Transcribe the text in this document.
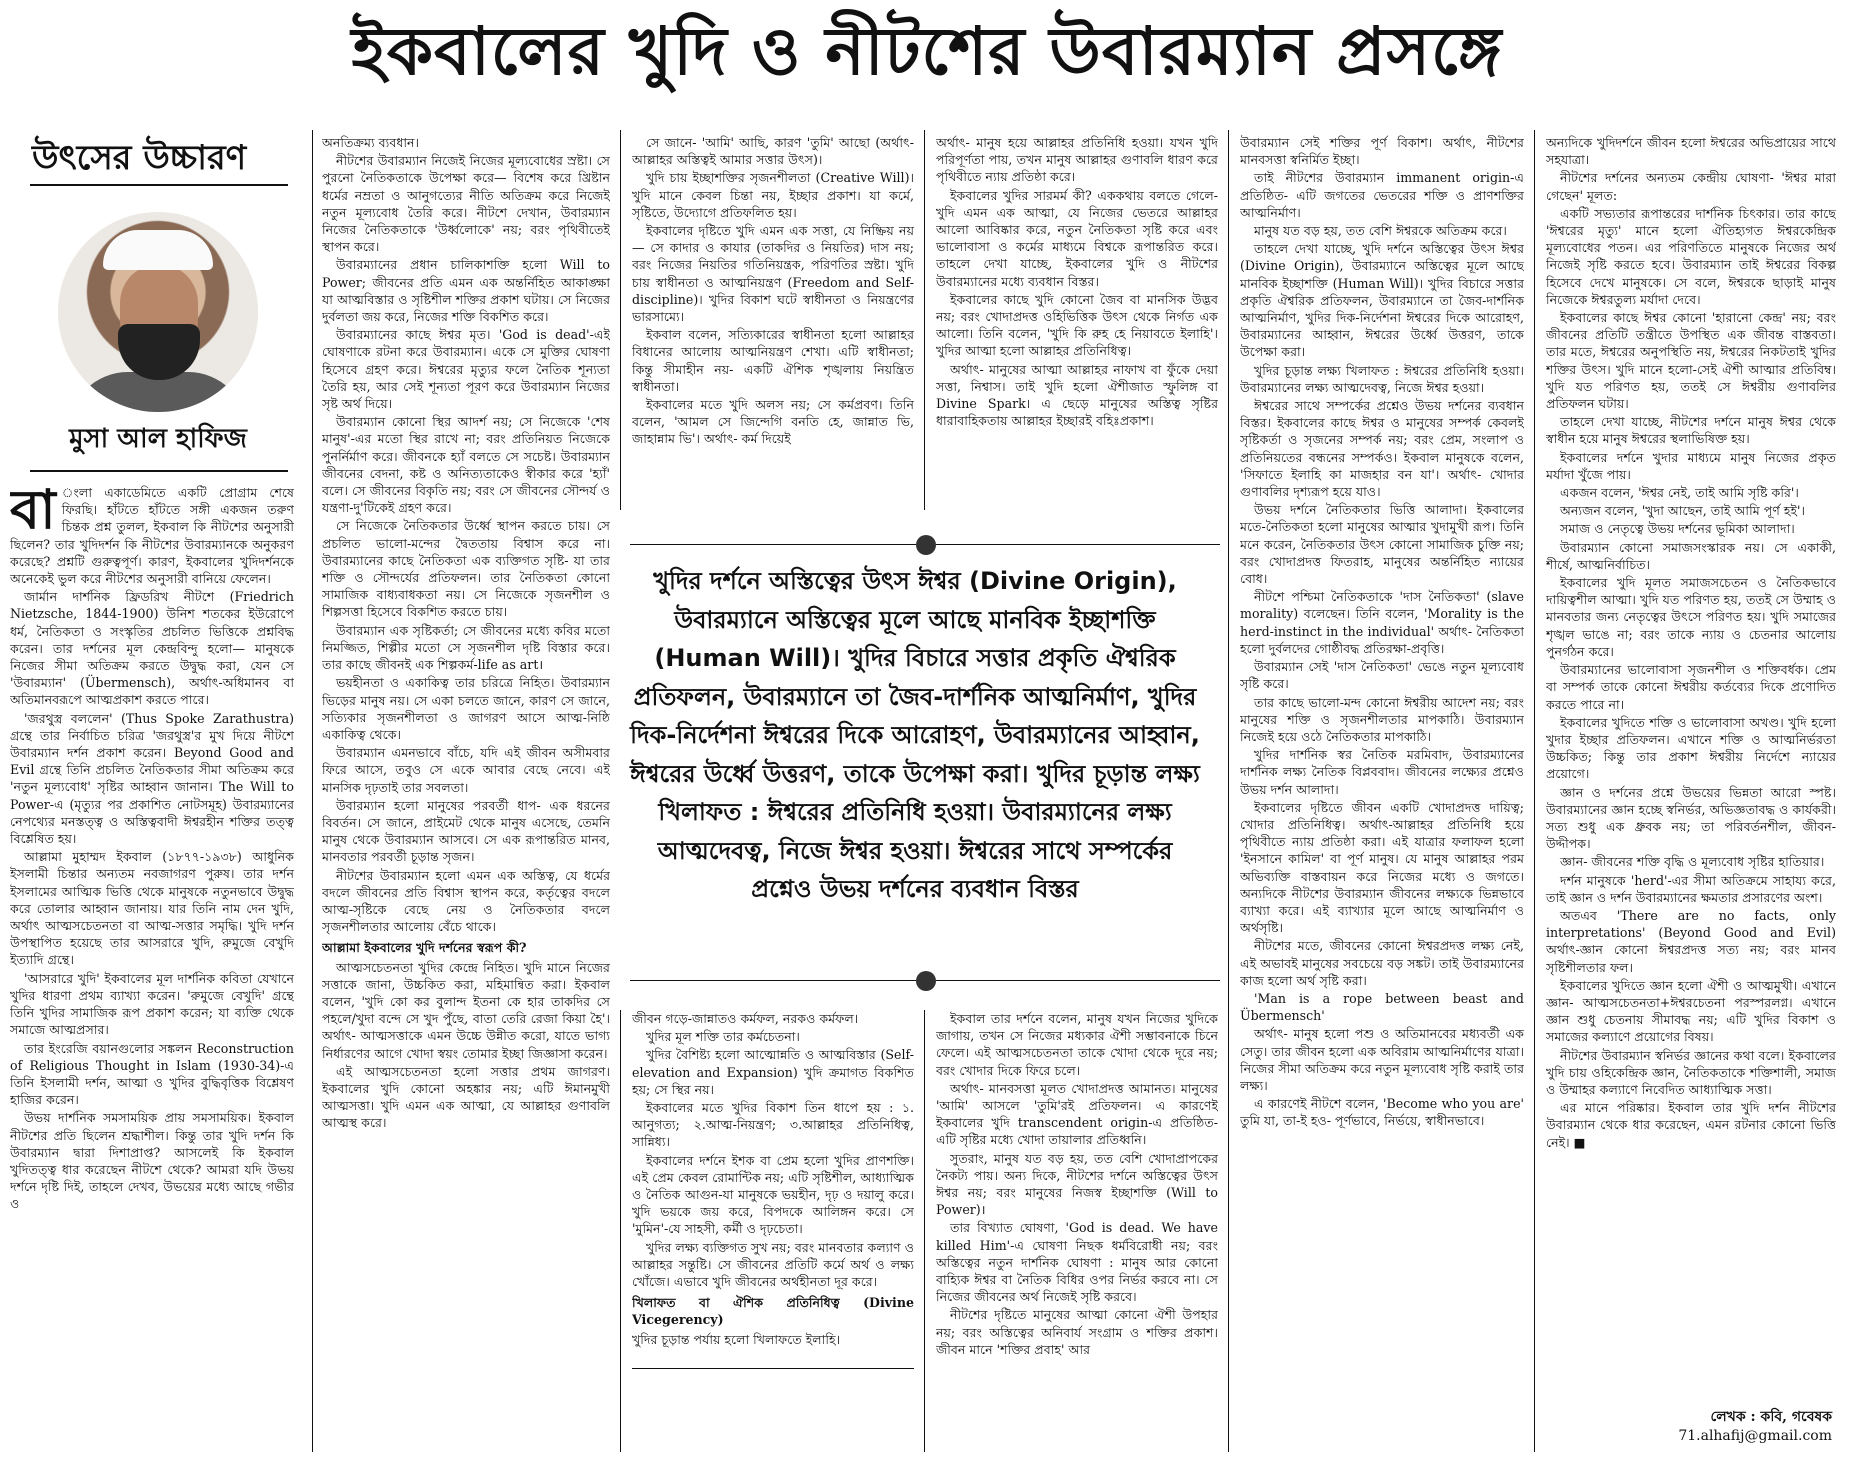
ইকবালের খুদি ও নীটশের উবারম্যান প্রসঙ্গে
উৎসের উচ্চারণ
মুসা আল হাফিজ

বা ংলা একাডেমিতে একটি প্রোগ্রাম শেষে ফিরছি। হাঁটতে হাঁটতে সঙ্গী একজন তরুণ চিন্তক প্রশ্ন তুলল, ইকবাল কি নীটশের অনুসারী ছিলেন? তার খুদিদর্শন কি নীটশের উবারম্যানকে অনুকরণ করেছে? প্রশ্নটি গুরুত্বপূর্ণ। কারণ, ইকবালের খুদিদর্শনকে অনেকেই ভুল করে নীটশের অনুসারী বানিয়ে ফেলেন।

জার্মান দার্শনিক ফ্রিডরিখ নীটশে (Friedrich Nietzsche, 1844-1900) উনিশ শতকের ইউরোপে ধর্ম, নৈতিকতা ও সংস্কৃতির প্রচলিত ভিত্তিকে প্রশ্নবিদ্ধ করেন। তার দর্শনের মূল কেন্দ্রবিন্দু হলো— মানুষকে নিজের সীমা অতিক্রম করতে উদ্বুদ্ধ করা, যেন সে 'উবারম্যান' (Übermensch), অর্থাৎ-অধিমানব বা অতিমানবরূপে আত্মপ্রকাশ করতে পারে।

'জরথুস্ত্র বললেন' (Thus Spoke Zarathustra) গ্রন্থে তার নির্বাচিত চরিত্র 'জরথুস্ত্র'র মুখ দিয়ে নীটশে উবারম্যান দর্শন প্রকাশ করেন। Beyond Good and Evil গ্রন্থে তিনি প্রচলিত নৈতিকতার সীমা অতিক্রম করে 'নতুন মূল্যবোধ' সৃষ্টির আহ্বান জানান। The Will to Power-এ (মৃত্যুর পর প্রকাশিত নোটসমূহ) উবারম্যানের নেপথ্যের মনস্তত্ত্ব ও অস্তিত্ববাদী ঈশ্বরহীন শক্তির তত্ত্ব বিশ্লেষিত হয়।

আল্লামা মুহাম্মদ ইকবাল (১৮৭৭-১৯৩৮) আধুনিক ইসলামী চিন্তার অন্যতম নবজাগরণ পুরুষ। তার দর্শন ইসলামের আত্মিক ভিত্তি থেকে মানুষকে নতুনভাবে উদ্বুদ্ধ করে তোলার আহ্বান জানায়। যার তিনি নাম দেন খুদি, অর্থাৎ আত্মসচেতনতা বা আত্ম-সত্তার সমৃদ্ধি। খুদি দর্শন উপস্থাপিত হয়েছে তার আসরারে খুদি, রুমুজে বেখুদি ইত্যাদি গ্রন্থে।

'আসরারে খুদি' ইকবালের মূল দার্শনিক কবিতা যেখানে খুদির ধারণা প্রথম ব্যাখ্যা করেন। 'রুমুজে বেখুদি' গ্রন্থে তিনি খুদির সামাজিক রূপ প্রকাশ করেন; যা ব্যক্তি থেকে সমাজে আত্মপ্রসার।

তার ইংরেজি বয়ানগুলোর সঙ্কলন Reconstruction of Religious Thought in Islam (1930-34)-এ তিনি ইসলামী দর্শন, আত্মা ও খুদির বুদ্ধিবৃত্তিক বিশ্লেষণ হাজির করেন।

উভয় দার্শনিক সমসাময়িক প্রায় সমসাময়িক। ইকবাল নীটশের প্রতি ছিলেন শ্রদ্ধাশীল। কিন্তু তার খুদি দর্শন কি উবারম্যান দ্বারা দিশাপ্রাপ্ত? আসলেই কি ইকবাল খুদিতত্ত্ব ধার করেছেন নীটশে থেকে? আমরা যদি উভয় দর্শনে দৃষ্টি দিই, তাহলে দেখব, উভয়ের মধ্যে আছে গভীর ও

অনতিক্রম্য ব্যবধান।

নীটশের উবারম্যান নিজেই নিজের মূল্যবোধের স্রষ্টা। সে পুরনো নৈতিকতাকে উপেক্ষা করে— বিশেষ করে খ্রিষ্টান ধর্মের নম্রতা ও আনুগত্যের নীতি অতিক্রম করে নিজেই নতুন মূল্যবোধ তৈরি করে। নীটশে দেখান, উবারম্যান নিজের নৈতিকতাকে 'উর্ধ্বলোকে' নয়; বরং পৃথিবীতেই স্থাপন করে।

উবারম্যানের প্রধান চালিকাশক্তি হলো Will to Power; জীবনের প্রতি এমন এক অন্তর্নিহিত আকাঙ্ক্ষা যা আত্মবিস্তার ও সৃষ্টিশীল শক্তির প্রকাশ ঘটায়। সে নিজের দুর্বলতা জয় করে, নিজের শক্তি বিকশিত করে।

উবারম্যানের কাছে ঈশ্বর মৃত। 'God is dead'-এই ঘোষণাকে রটনা করে উবারম্যান। একে সে মুক্তির ঘোষণা হিসেবে গ্রহণ করে। ঈশ্বরের মৃত্যুর ফলে নৈতিক শূন্যতা তৈরি হয়, আর সেই শূন্যতা পূরণ করে উবারম্যান নিজের সৃষ্ট অর্থ দিয়ে।

উবারম্যান কোনো স্থির আদর্শ নয়; সে নিজেকে 'শেষ মানুষ'-এর মতো স্থির রাখে না; বরং প্রতিনিয়ত নিজেকে পুনর্নির্মাণ করে। জীবনকে হ্যাঁ বলতে সে সচেষ্ট। উবারম্যান জীবনের বেদনা, কষ্ট ও অনিত্যতাকেও স্বীকার করে 'হ্যাঁ' বলে। সে জীবনের বিকৃতি নয়; বরং সে জীবনের সৌন্দর্য ও যন্ত্রণা-দু'টিকেই গ্রহণ করে।

সে নিজেকে নৈতিকতার উর্ধ্বে স্থাপন করতে চায়। সে প্রচলিত ভালো-মন্দের দ্বৈততায় বিশ্বাস করে না। উবারম্যানের কাছে নৈতিকতা এক ব্যক্তিগত সৃষ্টি- যা তার শক্তি ও সৌন্দর্যের প্রতিফলন। তার নৈতিকতা কোনো সামাজিক বাধ্যবাধকতা নয়। সে নিজেকে সৃজনশীল ও শিল্পসত্তা হিসেবে বিকশিত করতে চায়।

উবারম্যান এক সৃষ্টিকর্তা; সে জীবনের মধ্যে কবির মতো নিমজ্জিত, শিল্পীর মতো সে সৃজনশীল দৃষ্টি বিস্তার করে। তার কাছে জীবনই এক শিল্পকর্ম-life as art।

ভয়হীনতা ও একাকিত্ব তার চরিত্রে নিহিত। উবারম্যান ভিড়ের মানুষ নয়। সে একা চলতে জানে, কারণ সে জানে, সত্যিকার সৃজনশীলতা ও জাগরণ আসে আত্ম-নিষ্ঠি একাকিত্ব থেকে।

উবারম্যান এমনভাবে বাঁচে, যদি এই জীবন অসীমবার ফিরে আসে, তবুও সে একে আবার বেছে নেবে। এই মানসিক দৃঢ়তাই তার সবলতা।

উবারম্যান হলো মানুষের পরবর্তী ধাপ- এক ধরনের বিবর্তন। সে জানে, প্রাইমেট থেকে মানুষ এসেছে, তেমনি মানুষ থেকে উবারম্যান আসবে। সে এক রূপান্তরিত মানব, মানবতার পরবর্তী চূড়ান্ত সৃজন।

নীটশের উবারম্যান হলো এমন এক অস্তিত্ব, যে ধর্মের বদলে জীবনের প্রতি বিশ্বাস স্থাপন করে, কর্তৃত্বের বদলে আত্ম-সৃষ্টিকে বেছে নেয় ও নৈতিকতার বদলে সৃজনশীলতার আলোয় বেঁচে থাকে।

আল্লামা ইকবালের খুদি দর্শনের স্বরূপ কী?

আত্মসচেতনতা খুদির কেন্দ্রে নিহিত। খুদি মানে নিজের সত্তাকে জানা, উচ্চকিত করা, মহিমান্বিত করা। ইকবাল বলেন, 'খুদি কো কর বুলান্দ ইতনা কে হার তাকদির সে পহলে/খুদা বন্দে সে খুদ পুঁছে, বাতা তেরি রেজা কিয়া হৈ'। অর্থাৎ- আত্মসত্তাকে এমন উচ্চে উন্নীত করো, যাতে ভাগ্য নির্ধারণের আগে খোদা স্বয়ং তোমার ইচ্ছা জিজ্ঞাসা করেন।

এই আত্মসচেতনতা হলো সত্তার প্রথম জাগরণ। ইকবালের খুদি কোনো অহঙ্কার নয়; এটি ঈমানমুখী আত্মসত্তা। খুদি এমন এক আত্মা, যে আল্লাহর গুণাবলি আত্মস্থ করে।

সে জানে- 'আমি' আছি, কারণ 'তুমি' আছো (অর্থাৎ-আল্লাহর অস্তিত্বই আমার সত্তার উৎস)।

খুদি চায় ইচ্ছাশক্তির সৃজনশীলতা (Creative Will)। খুদি মানে কেবল চিন্তা নয়, ইচ্ছার প্রকাশ। যা কর্মে, সৃষ্টিতে, উদ্যোগে প্রতিফলিত হয়।

ইকবালের দৃষ্টিতে খুদি এমন এক সত্তা, যে নিষ্ক্রিয় নয়— সে কাদার ও কাযার (তাকদির ও নিয়তির) দাস নয়; বরং নিজের নিয়তির গতিনিয়ন্ত্রক, পরিণতির স্রষ্টা। খুদি চায় স্বাধীনতা ও আত্মনিয়ন্ত্রণ (Freedom and Self-discipline)। খুদির বিকাশ ঘটে স্বাধীনতা ও নিয়ন্ত্রণের ভারসাম্যে।

ইকবাল বলেন, সত্যিকারের স্বাধীনতা হলো আল্লাহর বিধানের আলোয় আত্মনিয়ন্ত্রণ শেখা। এটি স্বাধীনতা; কিন্তু সীমাহীন নয়- একটি ঐশিক শৃঙ্খলায় নিয়ন্ত্রিত স্বাধীনতা।

ইকবালের মতে খুদি অলস নয়; সে কর্মপ্রবণ। তিনি বলেন, 'আমল সে জিন্দেগি বনতি হে, জান্নাত ভি, জাহান্নাম ভি'। অর্থাৎ- কর্ম দিয়েই

অর্থাৎ- মানুষ হয়ে আল্লাহর প্রতিনিধি হওয়া। যখন খুদি পরিপূর্ণতা পায়, তখন মানুষ আল্লাহর গুণাবলি ধারণ করে পৃথিবীতে ন্যায় প্রতিষ্ঠা করে।

ইকবালের খুদির সারমর্ম কী? এককথায় বলতে গেলে- খুদি এমন এক আত্মা, যে নিজের ভেতরে আল্লাহর আলো আবিষ্কার করে, নতুন নৈতিকতা সৃষ্টি করে এবং ভালোবাসা ও কর্মের মাধ্যমে বিশ্বকে রূপান্তরিত করে। তাহলে দেখা যাচ্ছে, ইকবালের খুদি ও নীটশের উবারম্যানের মধ্যে ব্যবধান বিস্তর।

ইকবালের কাছে খুদি কোনো জৈব বা মানসিক উদ্ভব নয়; বরং খোদাপ্রদত্ত ওহিভিত্তিক উৎস থেকে নির্গত এক আলো। তিনি বলেন, 'খুদি কি রুহ হে নিয়াবতে ইলাহি'। খুদির আত্মা হলো আল্লাহর প্রতিনিধিত্ব।

অর্থাৎ- মানুষের আত্মা আল্লাহর নাফাখ বা ফুঁকে দেয়া সত্তা, নিশ্বাস। তাই খুদি হলো ঐশীজাত স্ফুলিঙ্গ বা Divine Spark। এ ছেড়ে মানুষের অস্তিত্ব সৃষ্টির ধারাবাহিকতায় আল্লাহর ইচ্ছারই বহিঃপ্রকাশ।

খুদির দর্শনে অস্তিত্বের উৎস ঈশ্বর (Divine Origin), উবারম্যানে অস্তিত্বের মূলে আছে মানবিক ইচ্ছাশক্তি (Human Will)। খুদির বিচারে সত্তার প্রকৃতি ঐশ্বরিক প্রতিফলন, উবারম্যানে তা জৈব-দার্শনিক আত্মনির্মাণ, খুদির দিক-নির্দেশনা ঈশ্বরের দিকে আরোহণ, উবারম্যানের আহ্বান, ঈশ্বরের উর্ধ্বে উত্তরণ, তাকে উপেক্ষা করা। খুদির চূড়ান্ত লক্ষ্য খিলাফত : ঈশ্বরের প্রতিনিধি হওয়া। উবারম্যানের লক্ষ্য আত্মদেবত্ব, নিজে ঈশ্বর হওয়া। ঈশ্বরের সাথে সম্পর্কের প্রশ্নেও উভয় দর্শনের ব্যবধান বিস্তর

জীবন গড়ে-জান্নাতও কর্মফল, নরকও কর্মফল।

খুদির মূল শক্তি তার কর্মচেতনা।

খুদির বৈশিষ্ট্য হলো আত্মোন্নতি ও আত্মবিস্তার (Self-elevation and Expansion) খুদি ক্রমাগত বিকশিত হয়; সে স্থির নয়।

ইকবালের মতে খুদির বিকাশ তিন ধাপে হয় : ১. আনুগত্য; ২.আত্ম-নিয়ন্ত্রণ; ৩.আল্লাহর প্রতিনিধিত্ব, সান্নিধ্য।

ইকবালের দর্শনে ইশক বা প্রেম হলো খুদির প্রাণশক্তি। এই প্রেম কেবল রোমান্টিক নয়; এটি সৃষ্টিশীল, আধ্যাত্মিক ও নৈতিক আগুন-যা মানুষকে ভয়হীন, দৃঢ় ও দয়ালু করে। খুদি ভয়কে জয় করে, বিপদকে আলিঙ্গন করে। সে 'মুমিন'-যে সাহসী, কর্মী ও দৃঢ়চেতা।

খুদির লক্ষ্য ব্যক্তিগত সুখ নয়; বরং মানবতার কল্যাণ ও আল্লাহর সন্তুষ্টি। সে জীবনের প্রতিটি কর্মে অর্থ ও লক্ষ্য খোঁজে। এভাবে খুদি জীবনের অর্থহীনতা দূর করে।

খিলাফত বা ঐশিক প্রতিনিধিত্ব (Divine Vicegerency)

খুদির চূড়ান্ত পর্যায় হলো খিলাফতে ইলাহি।

ইকবাল তার দর্শনে বলেন, মানুষ যখন নিজের খুদিকে জাগায়, তখন সে নিজের মধ্যকার ঐশী সম্ভাবনাকে চিনে ফেলে। এই আত্মসচেতনতা তাকে খোদা থেকে দূরে নয়; বরং খোদার দিকে ফিরে চলে।

অর্থাৎ- মানবসত্তা মূলত খোদাপ্রদত্ত আমানত। মানুষের 'আমি' আসলে 'তুমি'রই প্রতিফলন। এ কারণেই ইকবালের খুদি transcendent origin-এ প্রতিষ্ঠিত- এটি সৃষ্টির মধ্যে খোদা তায়ালার প্রতিধ্বনি।

সুতরাং, মানুষ যত বড় হয়, তত বেশি খোদাপ্রাপকের নৈকট্য পায়। অন্য দিকে, নীটশের দর্শনে অস্তিত্বের উৎস ঈশ্বর নয়; বরং মানুষের নিজস্ব ইচ্ছাশক্তি (Will to Power)।

তার বিখ্যাত ঘোষণা, 'God is dead. We have killed Him'-এ ঘোষণা নিছক ধর্মবিরোধী নয়; বরং অস্তিত্বের নতুন দার্শনিক ঘোষণা : মানুষ আর কোনো বাহ্যিক ঈশ্বর বা নৈতিক বিধির ওপর নির্ভর করবে না। সে নিজের জীবনের অর্থ নিজেই সৃষ্টি করবে।

নীটশের দৃষ্টিতে মানুষের আত্মা কোনো ঐশী উপহার নয়; বরং অস্তিত্বের অনিবার্য সংগ্রাম ও শক্তির প্রকাশ। জীবন মানে 'শক্তির প্রবাহ' আর

উবারম্যান সেই শক্তির পূর্ণ বিকাশ। অর্থাৎ, নীটশের মানবসত্তা স্বনির্মিত ইচ্ছা।

তাই নীটশের উবারম্যান immanent origin-এ প্রতিষ্ঠিত- এটি জগতের ভেতরের শক্তি ও প্রাণশক্তির আত্মনির্মাণ।

মানুষ যত বড় হয়, তত বেশি ঈশ্বরকে অতিক্রম করে।

তাহলে দেখা যাচ্ছে, খুদি দর্শনে অস্তিত্বের উৎস ঈশ্বর (Divine Origin), উবারম্যানে অস্তিত্বের মূলে আছে মানবিক ইচ্ছাশক্তি (Human Will)। খুদির বিচারে সত্তার প্রকৃতি ঐশ্বরিক প্রতিফলন, উবারম্যানে তা জৈব-দার্শনিক আত্মনির্মাণ, খুদির দিক-নির্দেশনা ঈশ্বরের দিকে আরোহণ, উবারম্যানের আহ্বান, ঈশ্বরের উর্ধ্বে উত্তরণ, তাকে উপেক্ষা করা।

খুদির চূড়ান্ত লক্ষ্য খিলাফত : ঈশ্বরের প্রতিনিধি হওয়া। উবারম্যানের লক্ষ্য আত্মদেবত্ব, নিজে ঈশ্বর হওয়া।

ঈশ্বরের সাথে সম্পর্কের প্রশ্নেও উভয় দর্শনের ব্যবধান বিস্তর। ইকবালের কাছে ঈশ্বর ও মানুষের সম্পর্ক কেবলই সৃষ্টিকর্তা ও সৃজনের সম্পর্ক নয়; বরং প্রেম, সংলাপ ও প্রতিনিয়তের বন্ধনের সম্পর্কও। ইকবাল মানুষকে বলেন, 'সিফাতে ইলাহি কা মাজহার বন যা'। অর্থাৎ- খোদার গুণাবলির দৃশ্যরূপ হয়ে যাও।

উভয় দর্শনে নৈতিকতার ভিত্তি আলাদা। ইকবালের মতে-নৈতিকতা হলো মানুষের আত্মার খুদামুখী রূপ। তিনি মনে করেন, নৈতিকতার উৎস কোনো সামাজিক চুক্তি নয়; বরং খোদাপ্রদত্ত ফিতরাহ, মানুষের অন্তর্নিহিত ন্যায়ের বোধ।

নীটশে পশ্চিমা নৈতিকতাকে 'দাস নৈতিকতা' (slave morality) বলেছেন। তিনি বলেন, 'Morality is the herd-instinct in the individual' অর্থাৎ- নৈতিকতা হলো দুর্বলদের গোষ্ঠীবদ্ধ প্রতিরক্ষা-প্রবৃত্তি।

উবারম্যান সেই 'দাস নৈতিকতা' ভেঙে নতুন মূল্যবোধ সৃষ্টি করে।

তার কাছে ভালো-মন্দ কোনো ঈশ্বরীয় আদেশ নয়; বরং মানুষের শক্তি ও সৃজনশীলতার মাপকাঠি। উবারম্যান নিজেই হয়ে ওঠে নৈতিকতার মাপকাঠি।

খুদির দার্শনিক স্বর নৈতিক মরমিবাদ, উবারম্যানের দার্শনিক লক্ষ্য নৈতিক বিপ্লববাদ। জীবনের লক্ষ্যের প্রশ্নেও উভয় দর্শন আলাদা।

ইকবালের দৃষ্টিতে জীবন একটি খোদাপ্রদত্ত দায়িত্ব; খোদার প্রতিনিধিত্ব। অর্থাৎ-আল্লাহর প্রতিনিধি হয়ে পৃথিবীতে ন্যায় প্রতিষ্ঠা করা। এই যাত্রার ফলাফল হলো 'ইনসানে কামিল' বা পূর্ণ মানুষ। যে মানুষ আল্লাহর পরম অভিব্যক্তি বাস্তবায়ন করে নিজের মধ্যে ও জগতে। অন্যদিকে নীটশের উবারম্যান জীবনের লক্ষ্যকে ভিন্নভাবে ব্যাখ্যা করে। এই ব্যাখ্যার মূলে আছে আত্মনির্মাণ ও অর্থসৃষ্টি।

নীটশের মতে, জীবনের কোনো ঈশ্বরপ্রদত্ত লক্ষ্য নেই, এই অভাবই মানুষের সবচেয়ে বড় সঙ্কট। তাই উবারম্যানের কাজ হলো অর্থ সৃষ্টি করা।

'Man is a rope between beast and Übermensch'

অর্থাৎ- মানুষ হলো পশু ও অতিমানবের মধ্যবর্তী এক সেতু। তার জীবন হলো এক অবিরাম আত্মনির্মাণের যাত্রা। নিজের সীমা অতিক্রম করে নতুন মূল্যবোধ সৃষ্টি করাই তার লক্ষ্য।

এ কারণেই নীটশে বলেন, 'Become who you are' তুমি যা, তা-ই হও- পূর্ণভাবে, নির্ভয়ে, স্বাধীনভাবে।

অন্যদিকে খুদিদর্শনে জীবন হলো ঈশ্বরের অভিপ্রায়ের সাথে সহযাত্রা।

নীটশের দর্শনের অন্যতম কেন্দ্রীয় ঘোষণা- 'ঈশ্বর মারা গেছেন' মূলত:

একটি সভ্যতার রূপান্তরের দার্শনিক চিৎকার। তার কাছে 'ঈশ্বরের মৃত্যু' মানে হলো ঐতিহ্যগত ঈশ্বরকেন্দ্রিক মূল্যবোধের পতন। এর পরিণতিতে মানুষকে নিজের অর্থ নিজেই সৃষ্টি করতে হবে। উবারম্যান তাই ঈশ্বরের বিকল্প হিসেবে দেখে মানুষকে। সে বলে, ঈশ্বরকে ছাড়াই মানুষ নিজেকে ঈশ্বরতুল্য মর্যাদা দেবে।

ইকবালের কাছে ঈশ্বর কোনো 'হারানো কেন্দ্র' নয়; বরং জীবনের প্রতিটি তন্ত্রীতে উপস্থিত এক জীবন্ত বাস্তবতা। তার মতে, ঈশ্বরের অনুপস্থিতি নয়, ঈশ্বরের নিকটতাই খুদির শক্তির উৎস। খুদি মানে হলো-সেই ঐশী আত্মার প্রতিবিম্ব। খুদি যত পরিণত হয়, ততই সে ঈশ্বরীয় গুণাবলির প্রতিফলন ঘটায়।

তাহলে দেখা যাচ্ছে, নীটশের দর্শনে মানুষ ঈশ্বর থেকে স্বাধীন হয়ে মানুষ ঈশ্বরের স্থলাভিষিক্ত হয়।

ইকবালের দর্শনে খুদার মাধ্যমে মানুষ নিজের প্রকৃত মর্যাদা খুঁজে পায়।

একজন বলেন, 'ঈশ্বর নেই, তাই আমি সৃষ্টি করি'।

অন্যজন বলেন, 'খুদা আছেন, তাই আমি পূর্ণ হই'।

সমাজ ও নেতৃত্বে উভয় দর্শনের ভূমিকা আলাদা।

উবারম্যান কোনো সমাজসংস্কারক নয়। সে একাকী, শীর্ষে, আত্মনির্বাচিত।

ইকবালের খুদি মূলত সমাজসচেতন ও নৈতিকভাবে দায়িত্বশীল আত্মা। খুদি যত পরিণত হয়, ততই সে উম্মাহ ও মানবতার জন্য নেতৃত্বের উৎসে পরিণত হয়। খুদি সমাজের শৃঙ্খল ভাঙে না; বরং তাকে ন্যায় ও চেতনার আলোয় পুনর্গঠন করে।

উবারম্যানের ভালোবাসা সৃজনশীল ও শক্তিবর্ধক। প্রেম বা সম্পর্ক তাকে কোনো ঈশ্বরীয় কর্তব্যের দিকে প্রণোদিত করতে পারে না।

ইকবালের খুদিতে শক্তি ও ভালোবাসা অখণ্ড। খুদি হলো খুদার ইচ্ছার প্রতিফলন। এখানে শক্তি ও আত্মনির্ভরতা উচ্চকিত; কিন্তু তার প্রকাশ ঈশ্বরীয় নির্দেশে ন্যায়ের প্রয়োগে।

জ্ঞান ও দর্শনের প্রশ্নে উভয়ের ভিন্নতা আরো স্পষ্ট। উবারম্যানের জ্ঞান হচ্ছে স্বনির্ভর, অভিজ্ঞতাবদ্ধ ও কার্যকরী। সত্য শুধু এক ধ্রুবক নয়; তা পরিবর্তনশীল, জীবন-উদ্দীপক।

জ্ঞান- জীবনের শক্তি বৃদ্ধি ও মূল্যবোধ সৃষ্টির হাতিয়ার।

দর্শন মানুষকে 'herd'-এর সীমা অতিক্রমে সাহায্য করে, তাই জ্ঞান ও দর্শন উবারম্যানের ক্ষমতার প্রসারণের অংশ।

অতএব 'There are no facts, only interpretations' (Beyond Good and Evil) অর্থাৎ-জ্ঞান কোনো ঈশ্বরপ্রদত্ত সত্য নয়; বরং মানব সৃষ্টিশীলতার ফল।

ইকবালের খুদিতে জ্ঞান হলো ঐশী ও আত্মমুখী। এখানে জ্ঞান- আত্মসচেতনতা+ঈশ্বরচেতনা পরস্পরলগ্ন। এখানে জ্ঞান শুধু চেতনায় সীমাবদ্ধ নয়; এটি খুদির বিকাশ ও সমাজের কল্যাণে প্রয়োগের বিষয়।

নীটশের উবারম্যান স্বনির্ভর জ্ঞানের কথা বলে। ইকবালের খুদি চায় ওহিকেন্দ্রিক জ্ঞান, নৈতিকতাকে শক্তিশালী, সমাজ ও উম্মাহর কল্যাণে নিবেদিত আধ্যাত্মিক সত্তা।

এর মানে পরিষ্কার। ইকবাল তার খুদি দর্শন নীটশের উবারম্যান থেকে ধার করেছেন, এমন রটনার কোনো ভিত্তি নেই। ■

লেখক : কবি, গবেষক
71.alhafij@gmail.com
